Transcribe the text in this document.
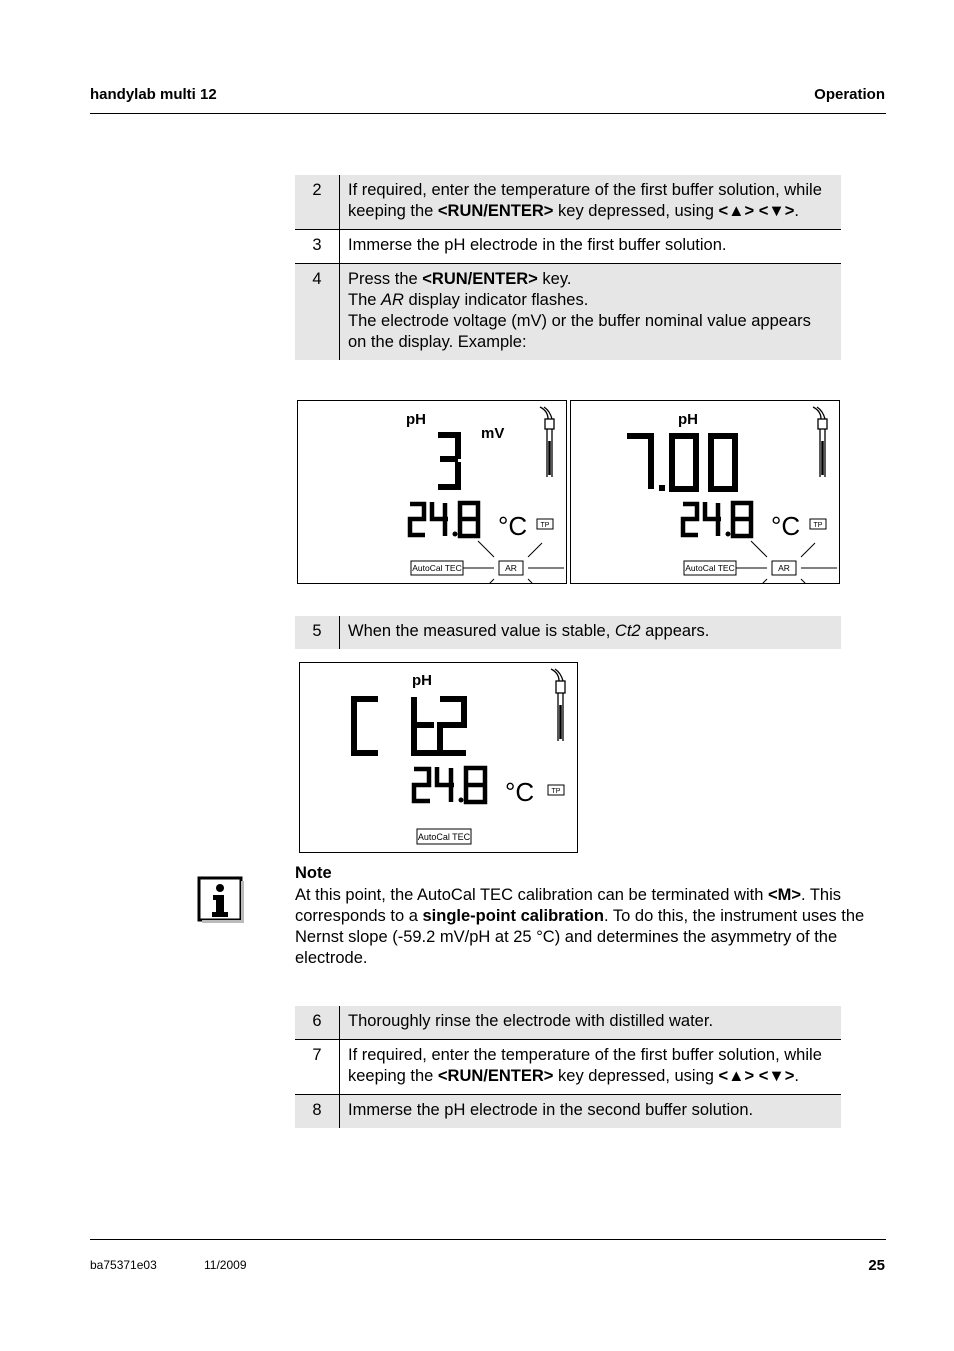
handylab multi 12	Operation
2	If required, enter the temperature of the first buffer solution, while keeping the <RUN/ENTER> key depressed, using <▲> <▼>.
3	Immerse the pH electrode in the first buffer solution.
4	Press the <RUN/ENTER> key.
The AR display indicator flashes.
The electrode voltage (mV) or the buffer nominal value appears on the display. Example:
pH
mV
3
24.8	°C TP
AutoCal TEC	AR
pH
7.00
24.8	°C TP
AutoCal TEC	AR
5	When the measured value is stable, Ct2 appears.
pH
Ct2
24.8	°C TP
AutoCal TEC
Note
At this point, the AutoCal TEC calibration can be terminated with <M>. This corresponds to a single-point calibration. To do this, the instrument uses the Nernst slope (-59.2 mV/pH at 25 °C) and determines the asymmetry of the electrode.
6	Thoroughly rinse the electrode with distilled water.
7	If required, enter the temperature of the first buffer solution, while keeping the <RUN/ENTER> key depressed, using <▲> <▼>.
8	Immerse the pH electrode in the second buffer solution.
ba75371e03	11/2009	25
